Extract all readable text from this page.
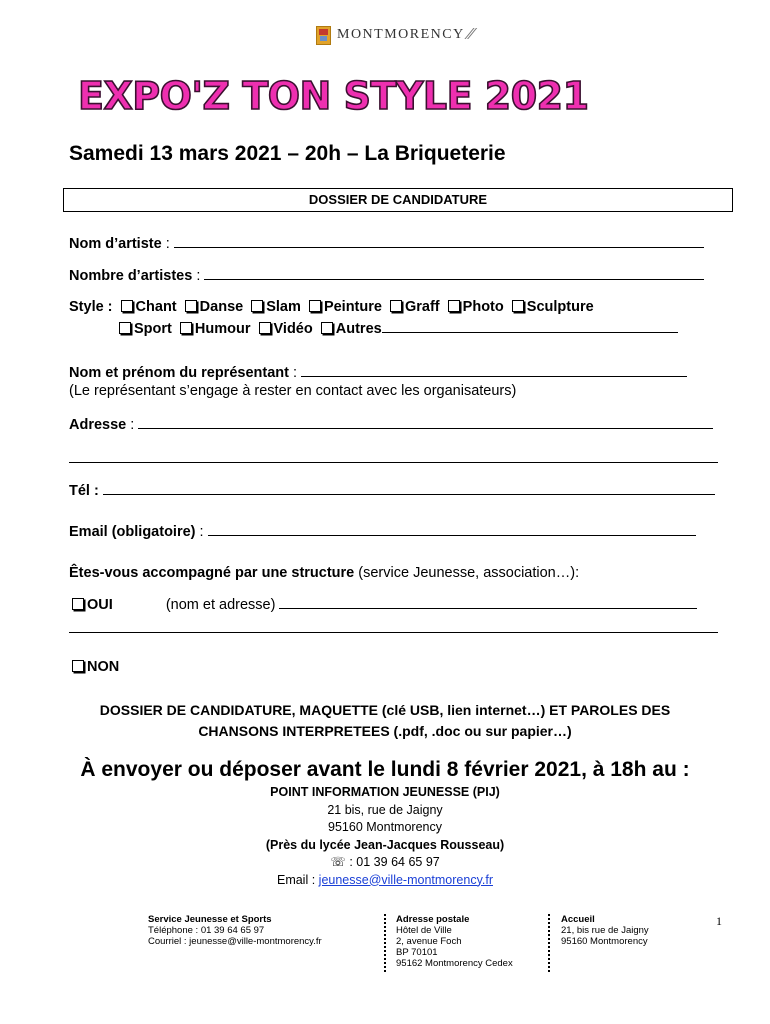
MONTMORENCY ⁄⁄
EXPO'Z TON STYLE 2021
Samedi 13 mars 2021 – 20h – La Briqueterie
DOSSIER DE CANDIDATURE
Nom d’artiste :
Nombre d’artistes :
Style : Chant Danse Slam Peinture Graff Photo Sculpture
Sport Humour Vidéo Autres
Nom et prénom du représentant :
(Le représentant s’engage à rester en contact avec les organisateurs)
Adresse :
Tél :
Email (obligatoire) :
Êtes-vous accompagné par une structure (service Jeunesse, association…):
OUI	(nom et adresse)
NON
DOSSIER DE CANDIDATURE, MAQUETTE (clé USB, lien internet…) ET PAROLES DES
CHANSONS INTERPRETEES (.pdf, .doc ou sur papier…)
À envoyer ou déposer avant le lundi 8 février 2021, à 18h au :
POINT INFORMATION JEUNESSE (PIJ)
21 bis, rue de Jaigny
95160 Montmorency
(Près du lycée Jean-Jacques Rousseau)
☏ : 01 39 64 65 97
Email : jeunesse@ville-montmorency.fr
Service Jeunesse et Sports
Téléphone : 01 39 64 65 97
Courriel : jeunesse@ville-montmorency.fr
Adresse postale
Hôtel de Ville
2, avenue Foch
BP 70101
95162 Montmorency Cedex
Accueil
21, bis rue de Jaigny
95160 Montmorency
1
